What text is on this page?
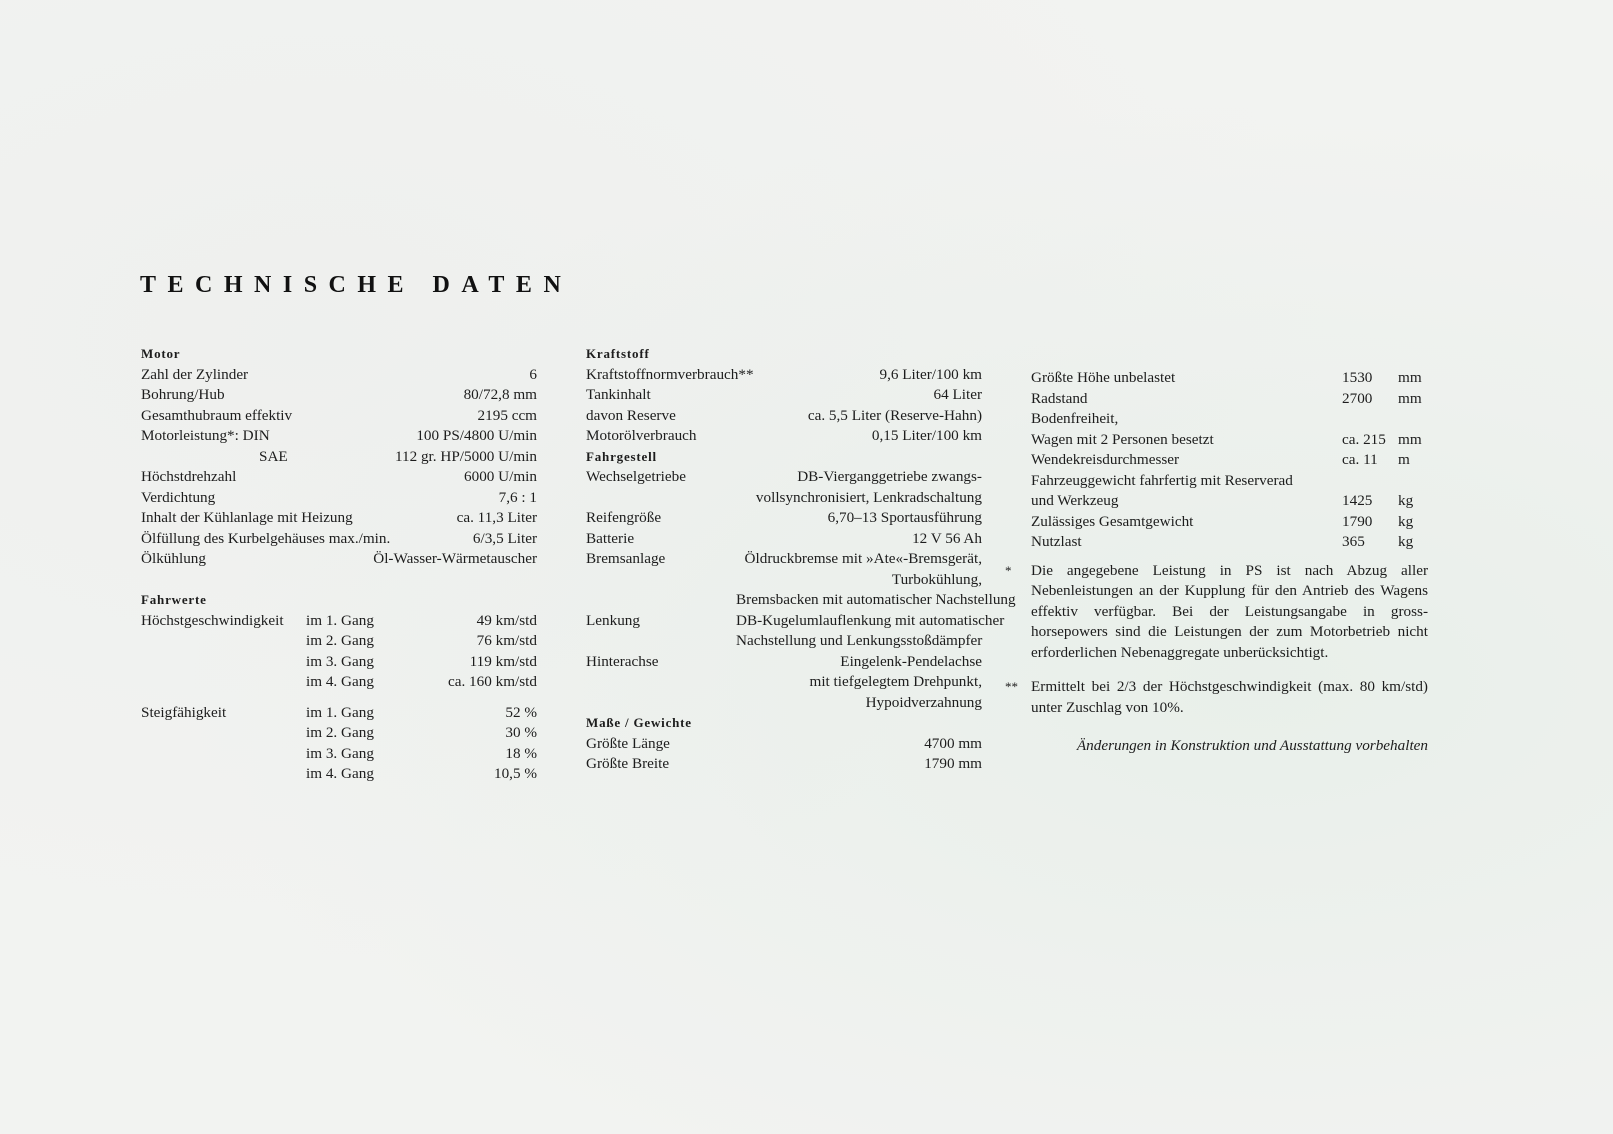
TECHNISCHE DATEN
Motor
Zahl der Zylinder	6
Bohrung/Hub	80/72,8 mm
Gesamthubraum effektiv	2195 ccm
Motorleistung*: DIN	100 PS/4800 U/min
SAE	112 gr. HP/5000 U/min
Höchstdrehzahl	6000 U/min
Verdichtung	7,6 : 1
Inhalt der Kühlanlage mit Heizung	ca. 11,3 Liter
Ölfüllung des Kurbelgehäuses max./min.	6/3,5 Liter
Ölkühlung	Öl-Wasser-Wärmetauscher
Fahrwerte
Höchstgeschwindigkeit	im 1. Gang	49 km/std
im 2. Gang	76 km/std
im 3. Gang	119 km/std
im 4. Gang	ca. 160 km/std
Steigfähigkeit	im 1. Gang	52 %
im 2. Gang	30 %
im 3. Gang	18 %
im 4. Gang	10,5 %
Kraftstoff
Kraftstoffnormverbrauch**	9,6 Liter/100 km
Tankinhalt	64 Liter
davon Reserve	ca. 5,5 Liter (Reserve-Hahn)
Motorölverbrauch	0,15 Liter/100 km
Fahrgestell
Wechselgetriebe	DB-Vierganggetriebe zwangs-
vollsynchronisiert, Lenkradschaltung
Reifengröße	6,70–13 Sportausführung
Batterie	12 V 56 Ah
Bremsanlage	Öldruckbremse mit »Ate«-Bremsgerät,
Turbokühlung,
Bremsbacken mit automatischer Nachstellung
Lenkung	DB-Kugelumlauflenkung mit automatischer
Nachstellung und Lenkungsstoßdämpfer
Hinterachse	Eingelenk-Pendelachse
mit tiefgelegtem Drehpunkt,
Hypoidverzahnung
Maße / Gewichte
Größte Länge	4700 mm
Größte Breite	1790 mm
Größte Höhe unbelastet	1530	mm
Radstand	2700	mm
Bodenfreiheit,
Wagen mit 2 Personen besetzt	ca. 215 mm
Wendekreisdurchmesser	ca. 11	m
Fahrzeuggewicht fahrfertig mit Reserverad
und Werkzeug	1425	kg
Zulässiges Gesamtgewicht	1790	kg
Nutzlast	365	kg
*	Die angegebene Leistung in PS ist nach Abzug aller Nebenleistungen an der Kupplung für den Antrieb des Wagens effektiv verfügbar. Bei der Leistungsangabe in gross-horsepowers sind die Leistungen der zum Motorbetrieb nicht erforderlichen Nebenaggregate unberücksichtigt.
** Ermittelt bei 2/3 der Höchstgeschwindigkeit (max. 80 km/std) unter Zuschlag von 10%.
Änderungen in Konstruktion und Ausstattung vorbehalten
